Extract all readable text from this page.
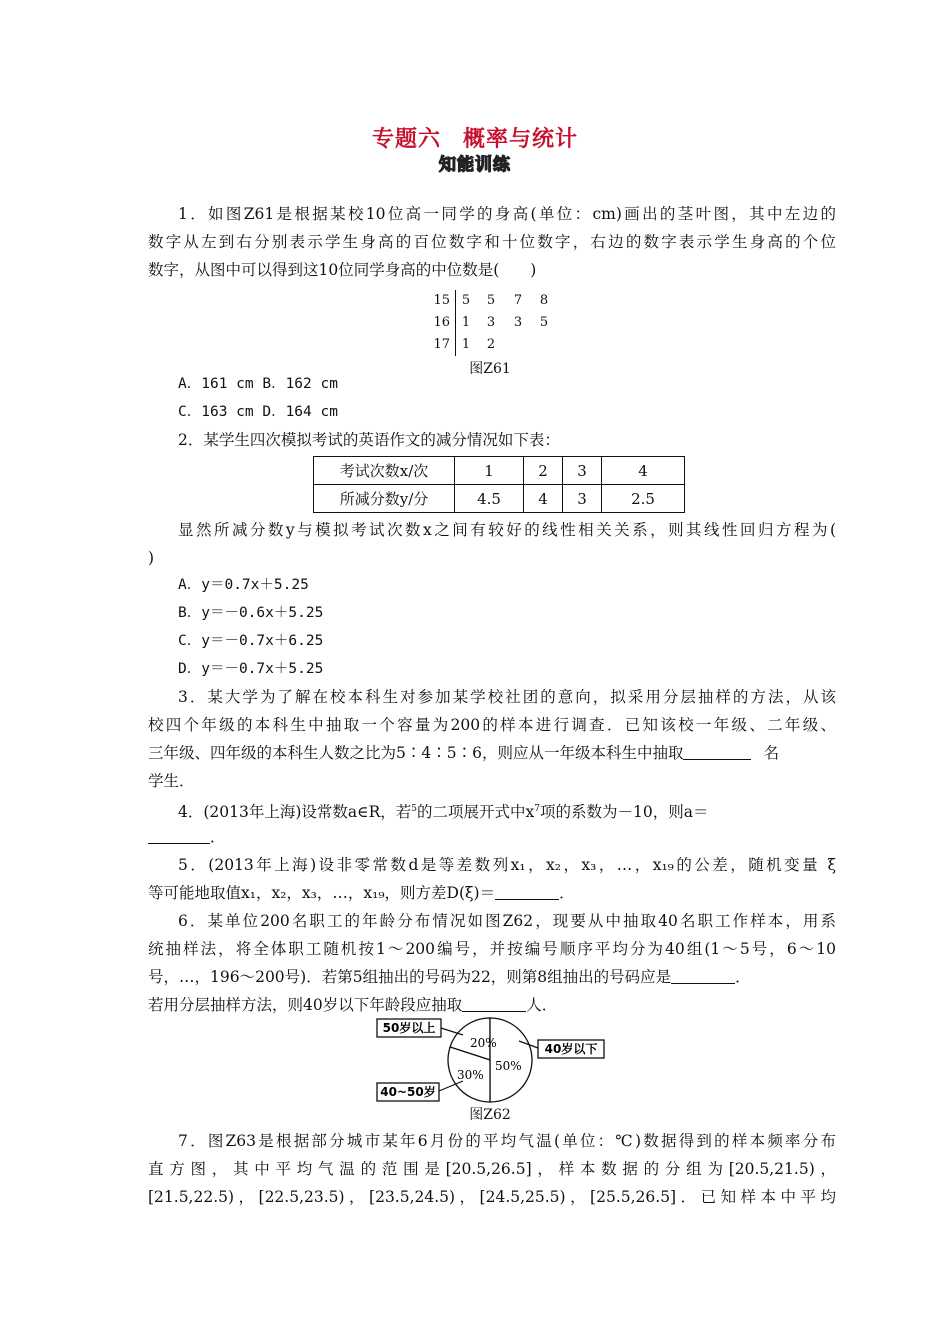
专题六 概率与统计
知能训练
1．如图Z61是根据某校10位高一同学的身高(单位：cm)画出的茎叶图，其中左边的
数字从左到右分别表示学生身高的百位数字和十位数字，右边的数字表示学生身高的个位
数字，从图中可以得到这10位同学身高的中位数是(　　)
15 5 5 7 8
16 1 3 3 5
17 1 2
图Z61
A．161 cm B．162 cm
C．163 cm D．164 cm
2．某学生四次模拟考试的英语作文的减分情况如下表：
考试次数x/次	1	2	3	4
所减分数y/分	4.5	4	3	2.5
显然所减分数y与模拟考试次数x之间有较好的线性相关关系，则其线性回归方程为(
)
A．y＝0.7x＋5.25
B．y＝－0.6x＋5.25
C．y＝－0.7x＋6.25
D．y＝－0.7x＋5.25
3．某大学为了解在校本科生对参加某学校社团的意向，拟采用分层抽样的方法，从该
校四个年级的本科生中抽取一个容量为200的样本进行调查．已知该校一年级、二年级、
三年级、四年级的本科生人数之比为5∶4∶5∶6，则应从一年级本科生中抽取	名
学生．
4．(2013年上海)设常数a∈R，若$^5$的二项展开式中$x^7$项的系数为－10，则a＝
．
5．(2013年上海)设非零常数d是等差数列x₁，x₂，x₃，…，x₁₉的公差，随机变量 ξ
等可能地取值x₁，x₂，x₃，…，x₁₉，则方差D(ξ)＝	．
6．某单位200名职工的年龄分布情况如图Z62，现要从中抽取40名职工作样本，用系
统抽样法，将全体职工随机按1～200编号，并按编号顺序平均分为40组(1～5号，6～10
号，…，196～200号)．若第5组抽出的号码为22，则第8组抽出的号码应是	．
若用分层抽样方法，则40岁以下年龄段应抽取	人．
50岁以上
40岁以下
40~50岁
20%
50%
30%
图Z62
7．图Z63是根据部分城市某年6月份的平均气温(单位：℃)数据得到的样本频率分布
直方图，其中平均气温的范围是[20.5,26.5]，样本数据的分组为[20.5,21.5)，
[21.5,22.5)，[22.5,23.5)，[23.5,24.5)，[24.5,25.5)，[25.5,26.5]．已知样本中平均
